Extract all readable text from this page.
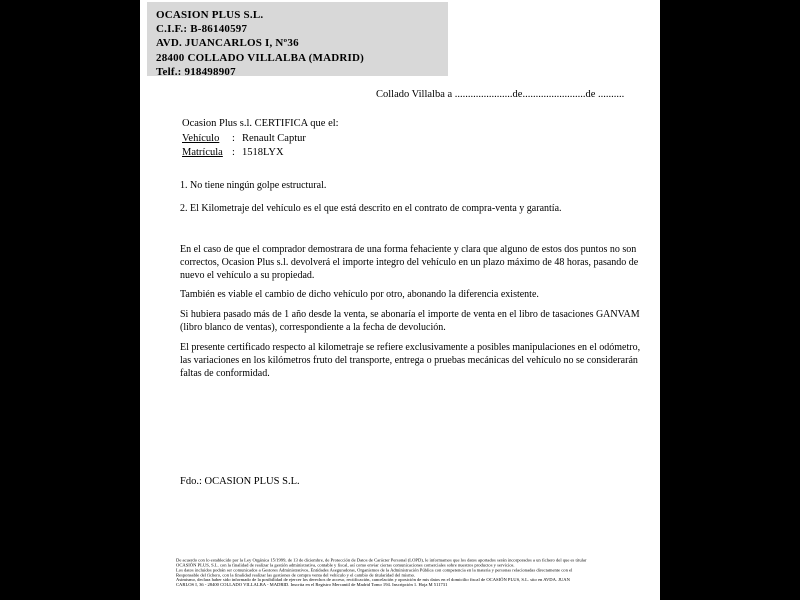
OCASION PLUS S.L.
C.I.F.: B-86140597
AVD. JUANCARLOS I, Nº36
28400 COLLADO VILLALBA (MADRID)
Telf.: 918498907
Collado Villalba a ......................de........................de ..........
Ocasion Plus s.l. CERTIFICA que el:
Vehículo : Renault Captur
Matrícula : 1518LYX
1. No tiene ningún golpe estructural.
2. El Kilometraje del vehículo es el que está descrito en el contrato de compra-venta y garantía.
En el caso de que el comprador demostrara de una forma fehaciente y clara que alguno de estos dos puntos no son correctos, Ocasion Plus s.l. devolverá el importe integro del vehículo en un plazo máximo de 48 horas, pasando de nuevo el vehículo a su propiedad.
También es viable el cambio de dicho vehículo por otro, abonando la diferencia existente.
Si hubiera pasado más de 1 año desde la venta, se abonaría el importe de venta en el libro de tasaciones GANVAM (libro blanco de ventas), correspondiente a la fecha de devolución.
El presente certificado respecto al kilometraje se refiere exclusivamente a posibles manipulaciones en el odómetro, las variaciones en los kilómetros fruto del transporte, entrega o pruebas mecánicas del vehículo no se considerarán faltas de conformidad.
Fdo.: OCASION PLUS S.L.
De acuerdo con lo establecido por la Ley Orgánica 15/1999, de 13 de diciembre, de Protección de Datos de Carácter Personal (LOPD), le informamos que los datos aportados serán incorporados a un fichero del que es titular
OCASIÓN PLUS, S.L. con la finalidad de realizar la gestión administrativa, contable y fiscal, así como enviar ciertas comunicaciones comerciales sobre nuestros productos y servicios.
Los datos incluidos podrán ser comunicados a Gestores Administrativos, Entidades Aseguradoras, Organismos de la Administración Pública con competencia en la materia y personas relacionadas directamente con el
Responsable del fichero, con la finalidad realizar las gestiones de compra venta del vehículo y el cambio de titularidad del mismo.
Asimismo, declara haber sido informado de la posibilidad de ejercer los derechos de acceso, rectificación, cancelación y oposición de mis datos en el domicilio fiscal de OCASIÓN PLUS, S.L. sito en AVDA. JUAN
CARLOS I, 36 - 28400 COLLADO VILLALBA - MADRID. Inscrita en el Registro Mercantil de Madrid Tomo 194. Inscripción 1. Hoja M 511731
